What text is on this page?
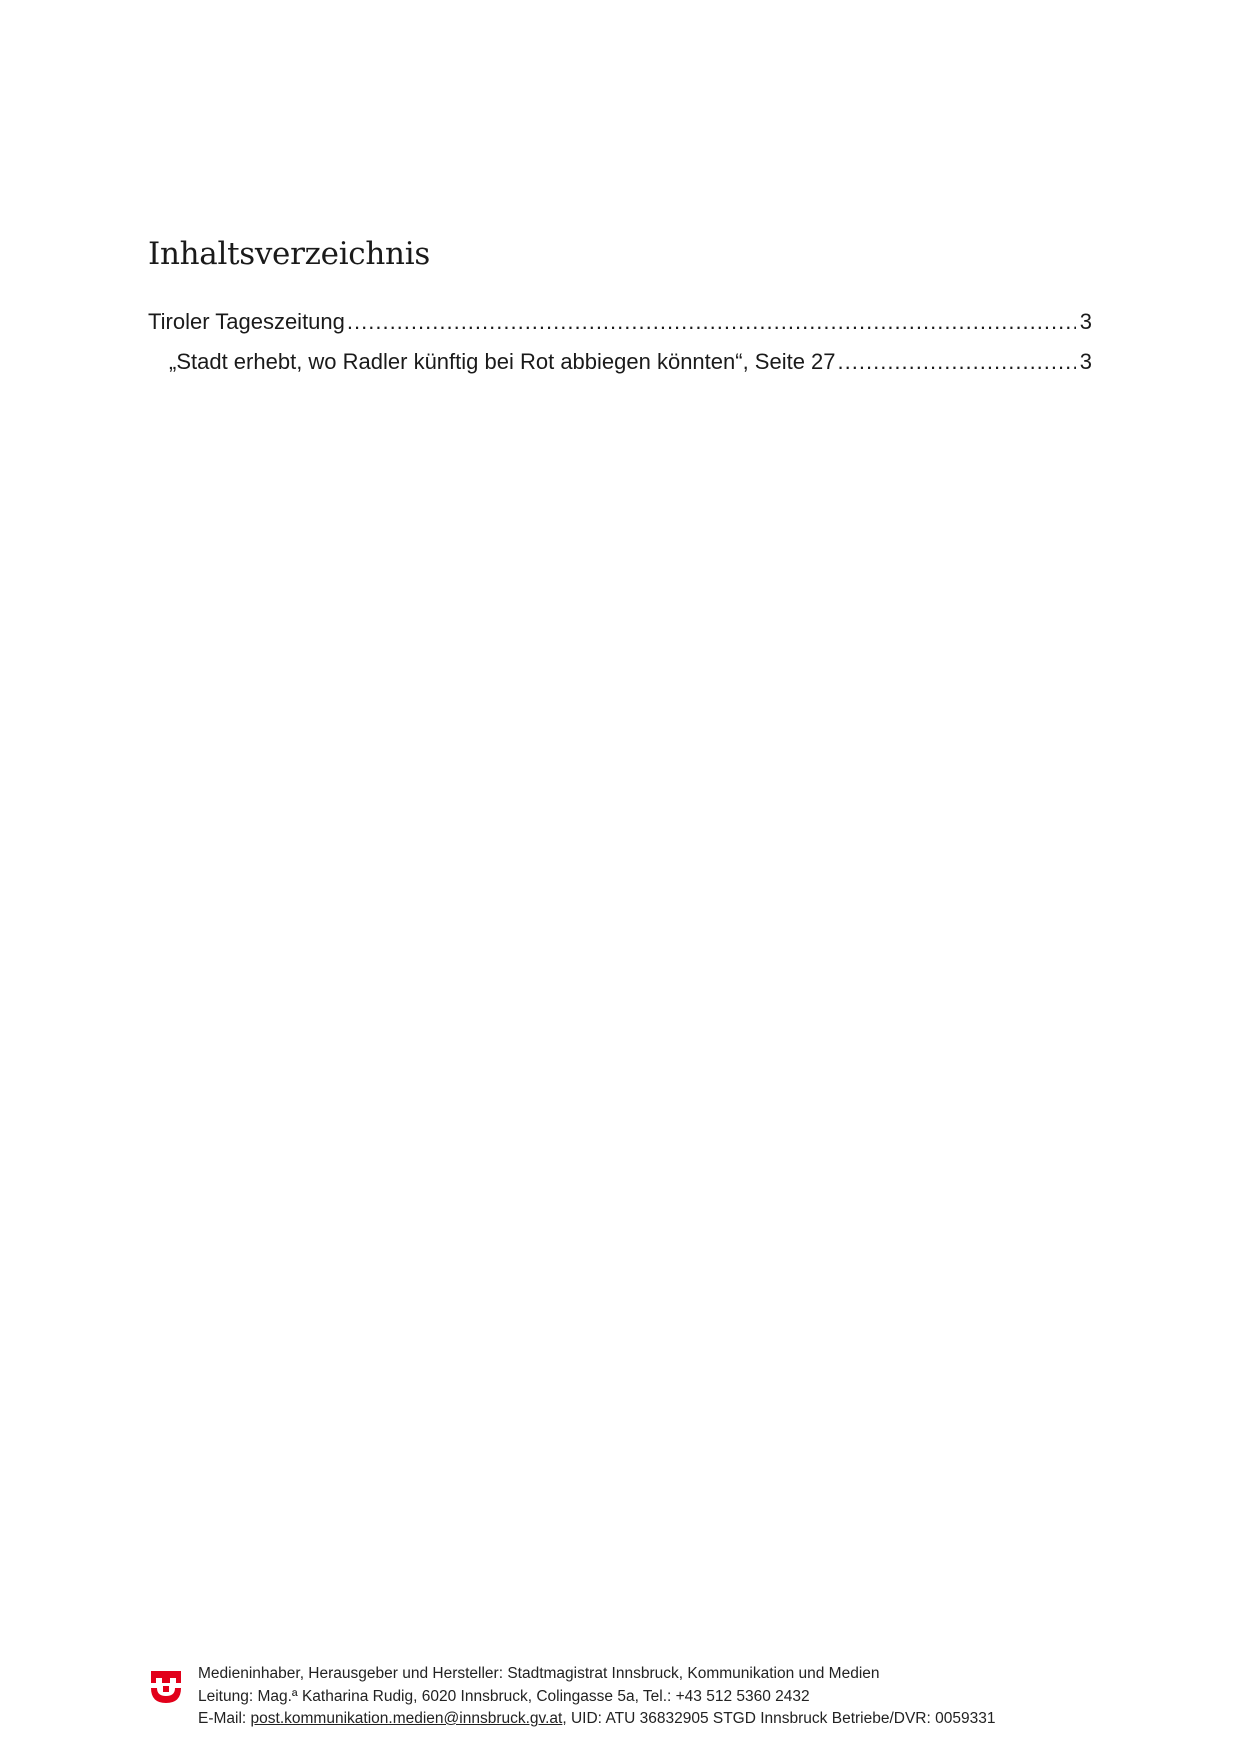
Inhaltsverzeichnis
Tiroler Tageszeitung .....	3
„Stadt erhebt, wo Radler künftig bei Rot abbiegen könnten“, Seite 27 .....	3
Medieninhaber, Herausgeber und Hersteller: Stadtmagistrat Innsbruck, Kommunikation und Medien
Leitung: Mag.ª Katharina Rudig, 6020 Innsbruck, Colingasse 5a, Tel.: +43 512 5360 2432
E-Mail: post.kommunikation.medien@innsbruck.gv.at, UID: ATU 36832905 STGD Innsbruck Betriebe/DVR: 0059331
